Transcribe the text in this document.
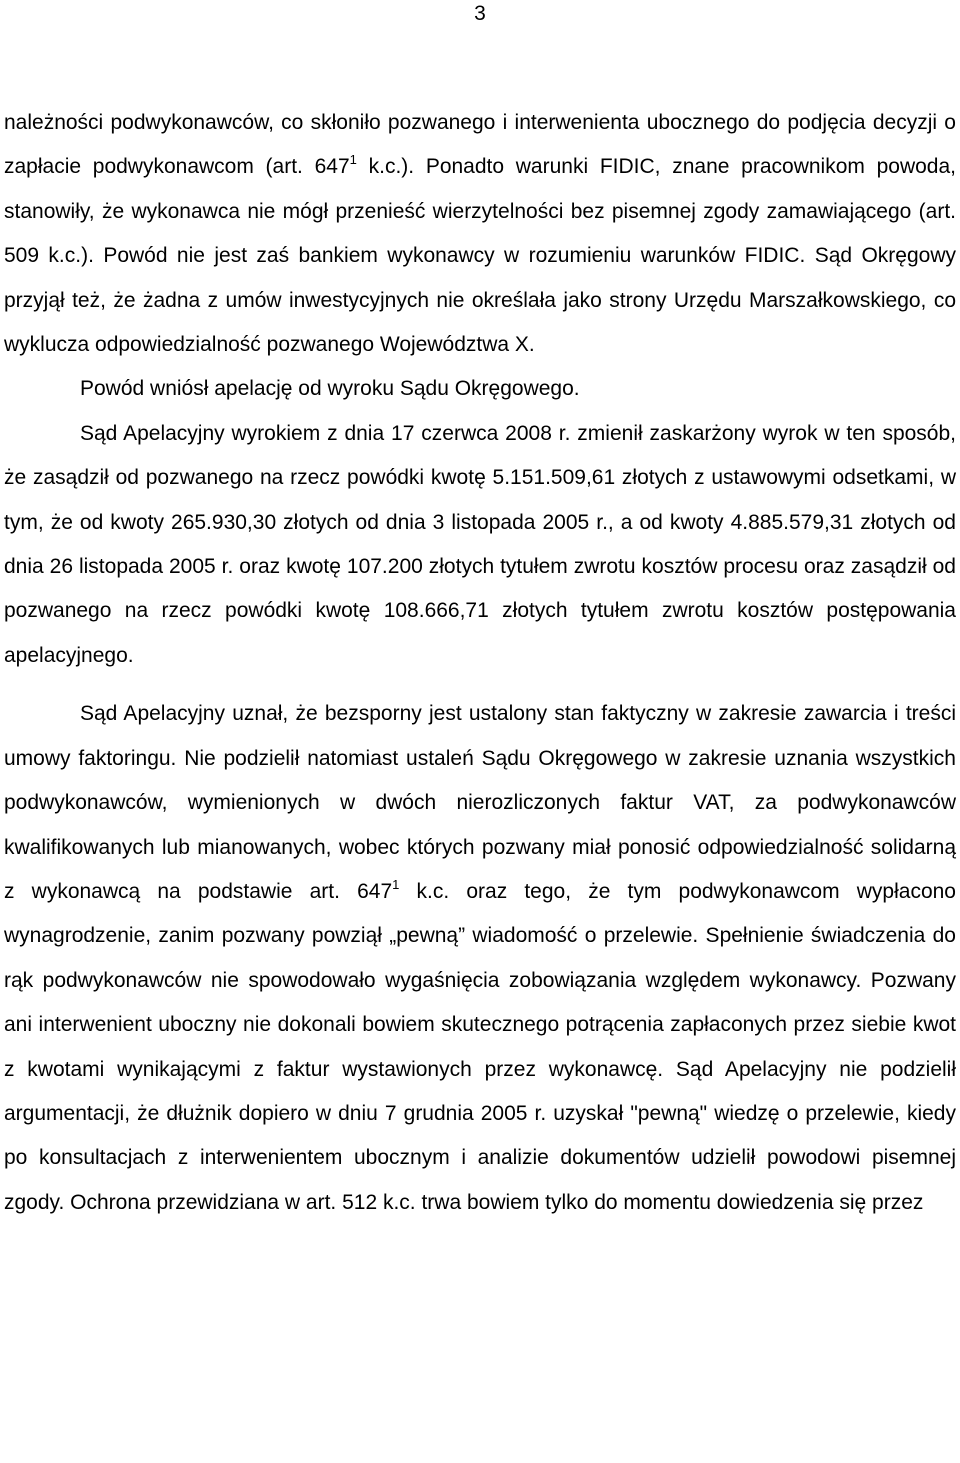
3

należności podwykonawców, co skłoniło pozwanego i interwenienta ubocznego do podjęcia decyzji o zapłacie podwykonawcom (art. $647^1$ k.c.). Ponadto warunki FIDIC, znane pracownikom powoda, stanowiły, że wykonawca nie mógł przenieść wierzytelności bez pisemnej zgody zamawiającego (art. 509 k.c.). Powód nie jest zaś bankiem wykonawcy w rozumieniu warunków FIDIC. Sąd Okręgowy przyjął też, że żadna z umów inwestycyjnych nie określała jako strony Urzędu Marszałkowskiego, co wyklucza odpowiedzialność pozwanego Województwa X.

Powód wniósł apelację od wyroku Sądu Okręgowego.

Sąd Apelacyjny wyrokiem z dnia 17 czerwca 2008 r. zmienił zaskarżony wyrok w ten sposób, że zasądził od pozwanego na rzecz powódki kwotę 5.151.509,61 złotych z ustawowymi odsetkami, w tym, że od kwoty 265.930,30 złotych od dnia 3 listopada 2005 r., a od kwoty 4.885.579,31 złotych od dnia 26 listopada 2005 r. oraz kwotę 107.200 złotych tytułem zwrotu kosztów procesu oraz zasądził od pozwanego na rzecz powódki kwotę 108.666,71 złotych tytułem zwrotu kosztów postępowania apelacyjnego.

Sąd Apelacyjny uznał, że bezsporny jest ustalony stan faktyczny w zakresie zawarcia i treści umowy faktoringu. Nie podzielił natomiast ustaleń Sądu Okręgowego w zakresie uznania wszystkich podwykonawców, wymienionych w dwóch nierozliczonych faktur VAT, za podwykonawców kwalifikowanych lub mianowanych, wobec których pozwany miał ponosić odpowiedzialność solidarną z wykonawcą na podstawie art. $647^1$ k.c. oraz tego, że tym podwykonawcom wypłacono wynagrodzenie, zanim pozwany powziął „pewną” wiadomość o przelewie. Spełnienie świadczenia do rąk podwykonawców nie spowodowało wygaśnięcia zobowiązania względem wykonawcy. Pozwany ani interwenient uboczny nie dokonali bowiem skutecznego potrącenia zapłaconych przez siebie kwot z kwotami wynikającymi z faktur wystawionych przez wykonawcę. Sąd Apelacyjny nie podzielił argumentacji, że dłużnik dopiero w dniu 7 grudnia 2005 r. uzyskał "pewną" wiedzę o przelewie, kiedy po konsultacjach z interwenientem ubocznym i analizie dokumentów udzielił powodowi pisemnej zgody. Ochrona przewidziana w art. 512 k.c. trwa bowiem tylko do momentu dowiedzenia się przez
